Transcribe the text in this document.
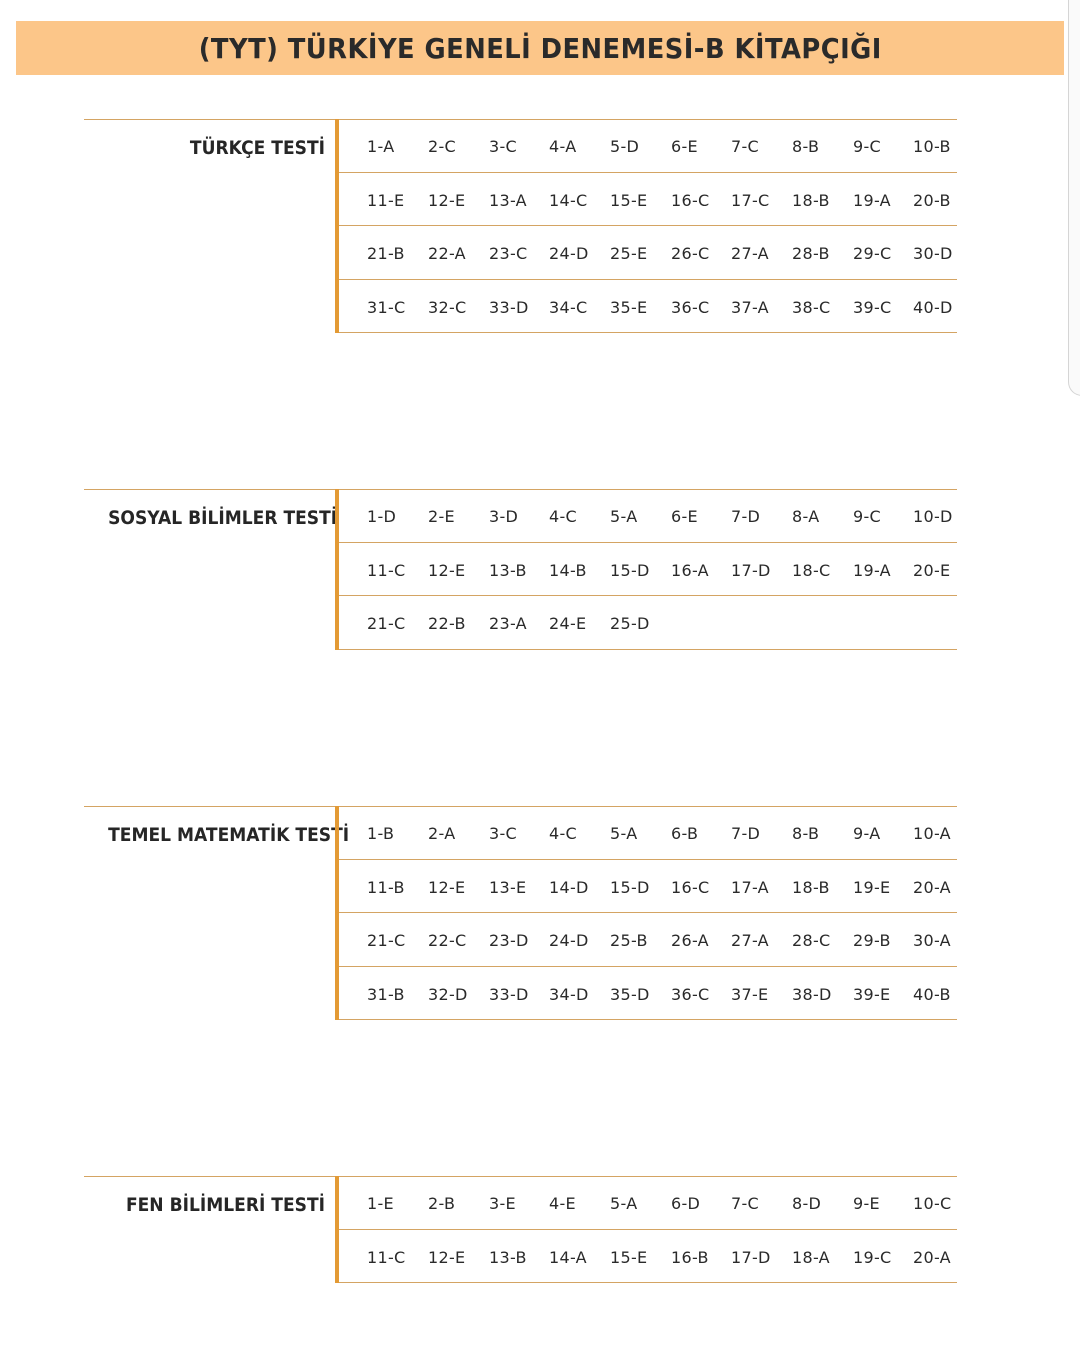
(TYT) TÜRKİYE GENELİ DENEMESİ-B KİTAPÇIĞI
TÜRKÇE TESTİ	1-A 2-C 3-C 4-A 5-D 6-E 7-C 8-B 9-C 10-B
11-E 12-E 13-A 14-C 15-E 16-C 17-C 18-B 19-A 20-B
21-B 22-A 23-C 24-D 25-E 26-C 27-A 28-B 29-C 30-D
31-C 32-C 33-D 34-C 35-E 36-C 37-A 38-C 39-C 40-D
SOSYAL BİLİMLER TESTİ 1-D 2-E 3-D 4-C 5-A 6-E 7-D 8-A 9-C 10-D
11-C 12-E 13-B 14-B 15-D 16-A 17-D 18-C 19-A 20-E
21-C 22-B 23-A 24-E 25-D
TEMEL MATEMATİK TESTİ 1-B 2-A 3-C 4-C 5-A 6-B 7-D 8-B 9-A 10-A
11-B 12-E 13-E 14-D 15-D 16-C 17-A 18-B 19-E 20-A
21-C 22-C 23-D 24-D 25-B 26-A 27-A 28-C 29-B 30-A
31-B 32-D 33-D 34-D 35-D 36-C 37-E 38-D 39-E 40-B
FEN BİLİMLERİ TESTİ	1-E 2-B 3-E 4-E 5-A 6-D 7-C 8-D 9-E 10-C
11-C 12-E 13-B 14-A 15-E 16-B 17-D 18-A 19-C 20-A
